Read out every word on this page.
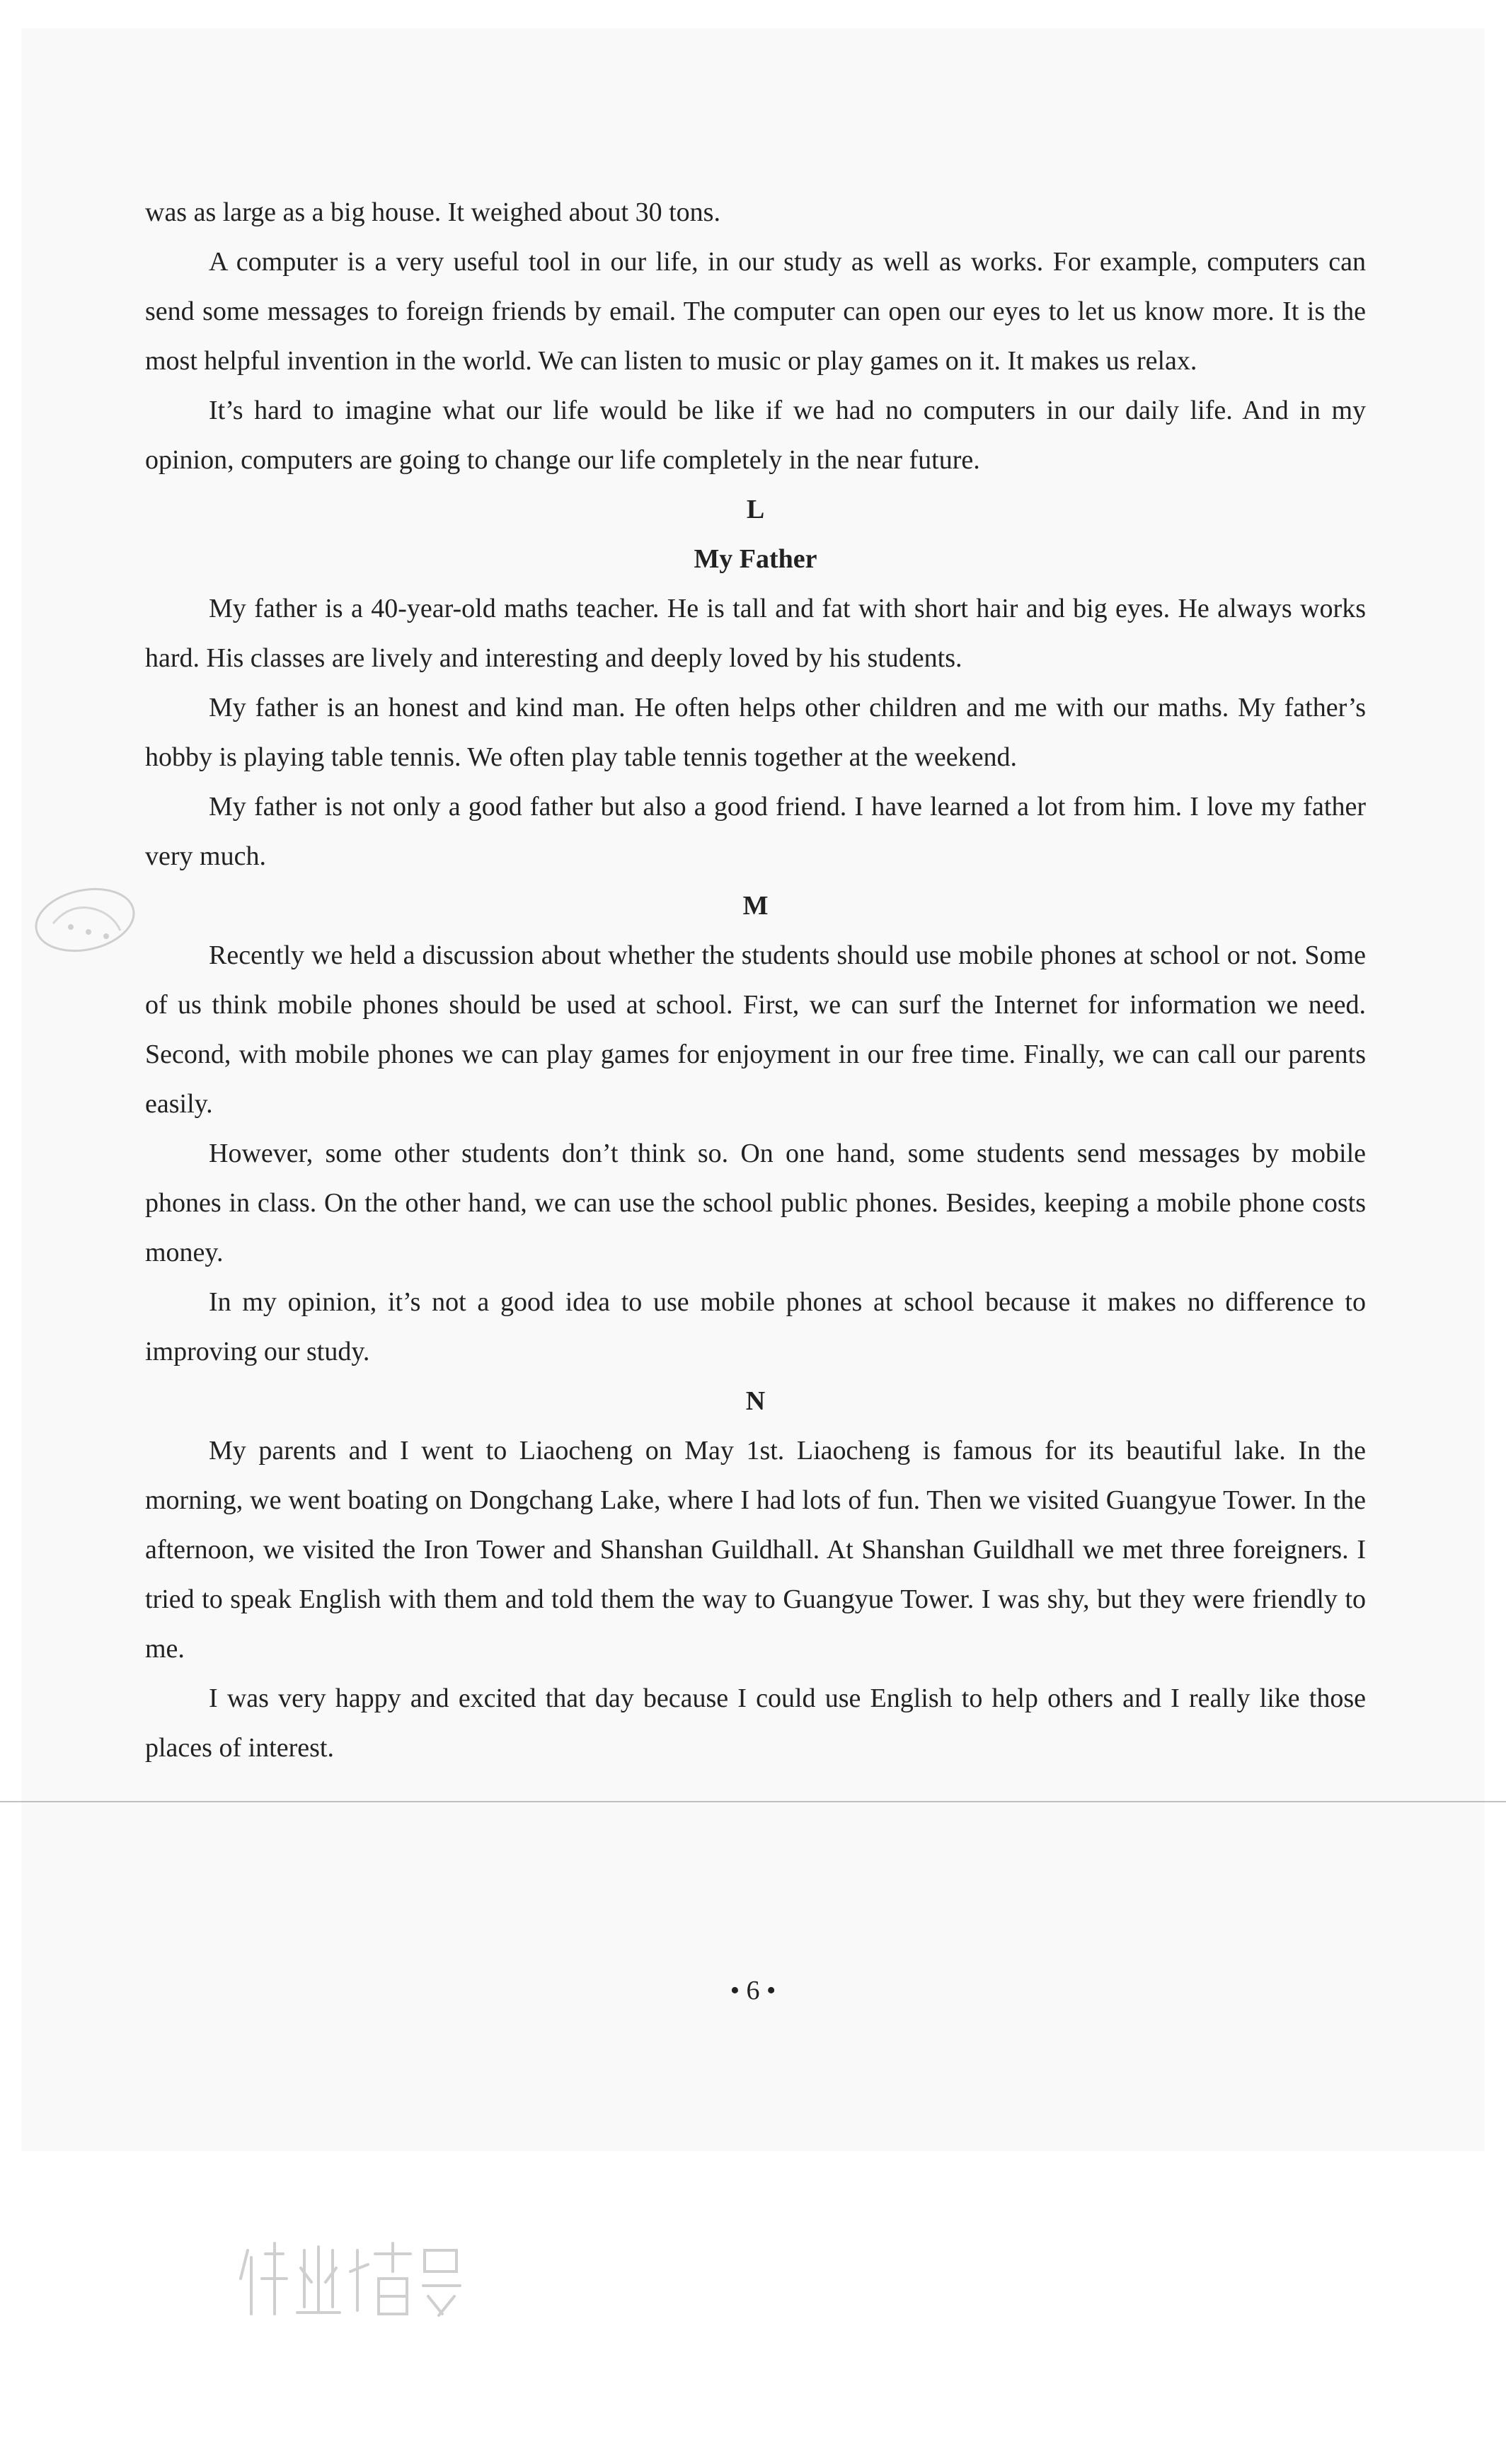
was as large as a big house. It weighed about 30 tons.

A computer is a very useful tool in our life, in our study as well as works. For example, computers can send some messages to foreign friends by email. The computer can open our eyes to let us know more. It is the most helpful invention in the world. We can listen to music or play games on it. It makes us relax.

It’s hard to imagine what our life would be like if we had no computers in our daily life. And in my opinion, computers are going to change our life completely in the near future.

L
My Father

My father is a 40-year-old maths teacher. He is tall and fat with short hair and big eyes. He always works hard. His classes are lively and interesting and deeply loved by his students.

My father is an honest and kind man. He often helps other children and me with our maths. My father’s hobby is playing table tennis. We often play table tennis together at the weekend.

My father is not only a good father but also a good friend. I have learned a lot from him. I love my father very much.

M

Recently we held a discussion about whether the students should use mobile phones at school or not. Some of us think mobile phones should be used at school. First, we can surf the Internet for information we need. Second, with mobile phones we can play games for enjoyment in our free time. Finally, we can call our parents easily.

However, some other students don’t think so. On one hand, some students send messages by mobile phones in class. On the other hand, we can use the school public phones. Besides, keeping a mobile phone costs money.

In my opinion, it’s not a good idea to use mobile phones at school because it makes no difference to improving our study.

N

My parents and I went to Liaocheng on May 1st. Liaocheng is famous for its beautiful lake. In the morning, we went boating on Dongchang Lake, where I had lots of fun. Then we visited Guangyue Tower. In the afternoon, we visited the Iron Tower and Shanshan Guildhall. At Shanshan Guildhall we met three foreigners. I tried to speak English with them and told them the way to Guangyue Tower. I was shy, but they were friendly to me.

I was very happy and excited that day because I could use English to help others and I really like those places of interest.

• 6 •
